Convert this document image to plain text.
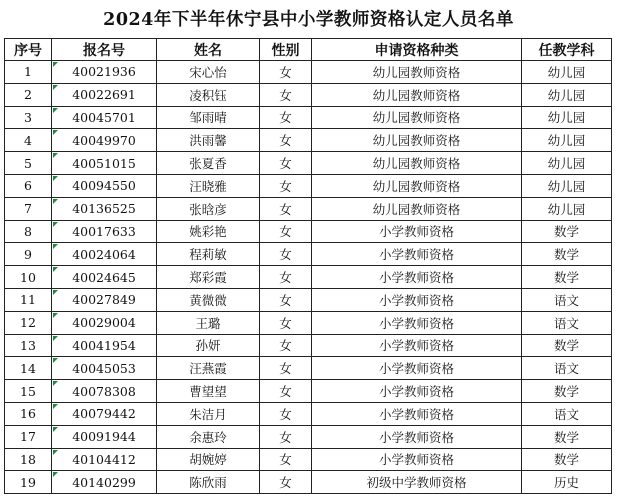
2024年下半年休宁县中小学教师资格认定人员名单
序号	报名号	姓名	性别	申请资格种类	任教学科
1	40021936	宋心怡	女	幼儿园教师资格	幼儿园
2	40022691	凌积钰	女	幼儿园教师资格	幼儿园
3	40045701	邹雨晴	女	幼儿园教师资格	幼儿园
4	40049970	洪雨馨	女	幼儿园教师资格	幼儿园
5	40051015	张夏香	女	幼儿园教师资格	幼儿园
6	40094550	汪晓雅	女	幼儿园教师资格	幼儿园
7	40136525	张晗彦	女	幼儿园教师资格	幼儿园
8	40017633	姚彩艳	女	小学教师资格	数学
9	40024064	程莉敏	女	小学教师资格	数学
10	40024645	郑彩霞	女	小学教师资格	数学
11	40027849	黄微微	女	小学教师资格	语文
12	40029004	王璐	女	小学教师资格	语文
13	40041954	孙妍	女	小学教师资格	数学
14	40045053	汪燕霞	女	小学教师资格	语文
15	40078308	曹望望	女	小学教师资格	数学
16	40079442	朱洁月	女	小学教师资格	语文
17	40091944	余惠玲	女	小学教师资格	数学
18	40104412	胡婉婷	女	小学教师资格	数学
19	40140299	陈欣雨	女	初级中学教师资格	历史
